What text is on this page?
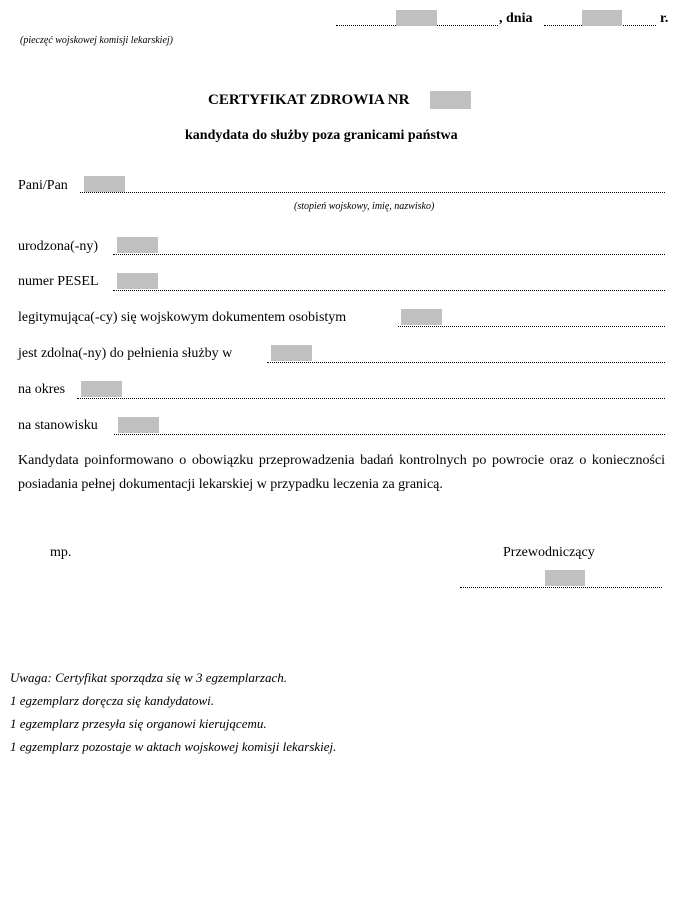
, dnia	r.
(pieczęć wojskowej komisji lekarskiej)
CERTYFIKAT ZDROWIA NR
kandydata do służby poza granicami państwa
Pani/Pan
(stopień wojskowy, imię, nazwisko)
urodzona(-ny)
numer PESEL
legitymująca(-cy) się wojskowym dokumentem osobistym
jest zdolna(-ny) do pełnienia służby w
na okres
na stanowisku
Kandydata poinformowano o obowiązku przeprowadzenia badań kontrolnych po powrocie oraz o konieczności posiadania pełnej dokumentacji lekarskiej w przypadku leczenia za granicą.
mp.	Przewodniczący
Uwaga: Certyfikat sporządza się w 3 egzemplarzach.
1 egzemplarz doręcza się kandydatowi.
1 egzemplarz przesyła się organowi kierującemu.
1 egzemplarz pozostaje w aktach wojskowej komisji lekarskiej.
